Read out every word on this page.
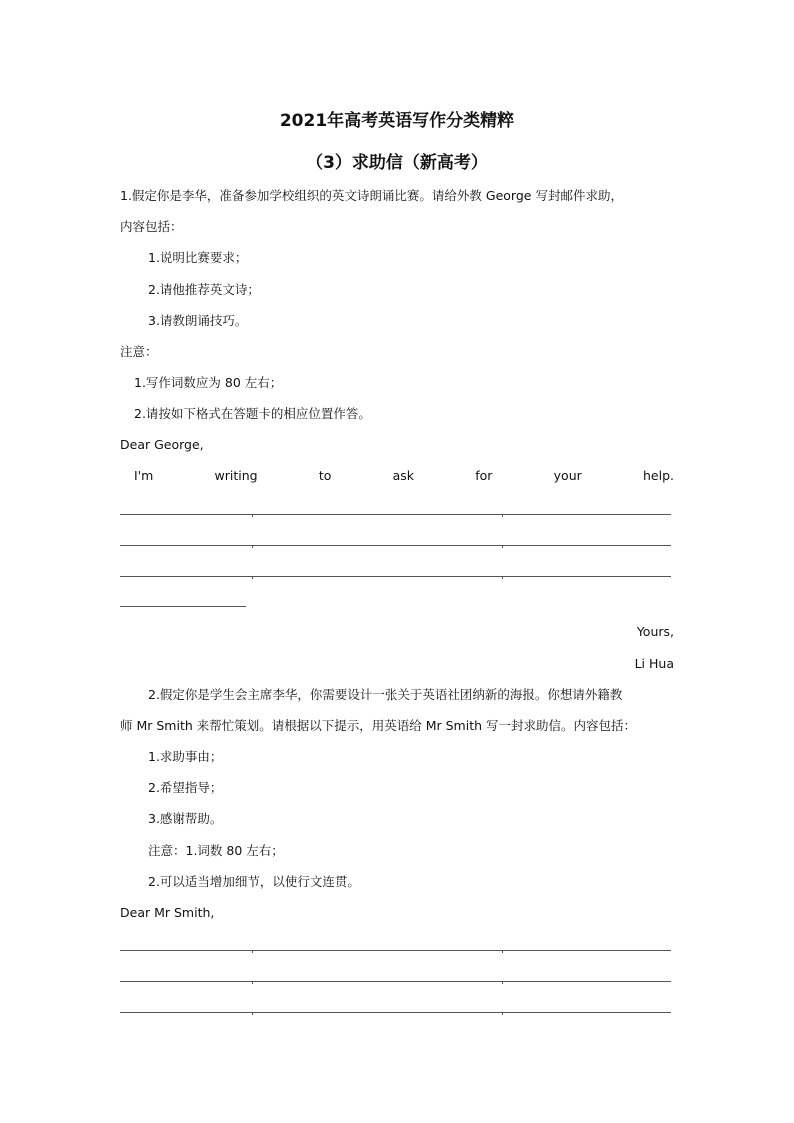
2021年高考英语写作分类精粹
（3）求助信（新高考）
1.假定你是李华，准备参加学校组织的英文诗朗诵比赛。请给外教 George 写封邮件求助，
内容包括：
1.说明比赛要求；
2.请他推荐英文诗；
3.请教朗诵技巧。
注意：
1.写作词数应为 80 左右；
2.请按如下格式在答题卡的相应位置作答。
Dear George,
I'm	writing	to	ask	for	your	help.
Yours,
Li Hua
2.假定你是学生会主席李华，你需要设计一张关于英语社团纳新的海报。你想请外籍教
师 Mr Smith 来帮忙策划。请根据以下提示，用英语给 Mr Smith 写一封求助信。内容包括：
1.求助事由；
2.希望指导；
3.感谢帮助。
注意：1.词数 80 左右；
2.可以适当增加细节，以使行文连贯。
Dear Mr Smith,
